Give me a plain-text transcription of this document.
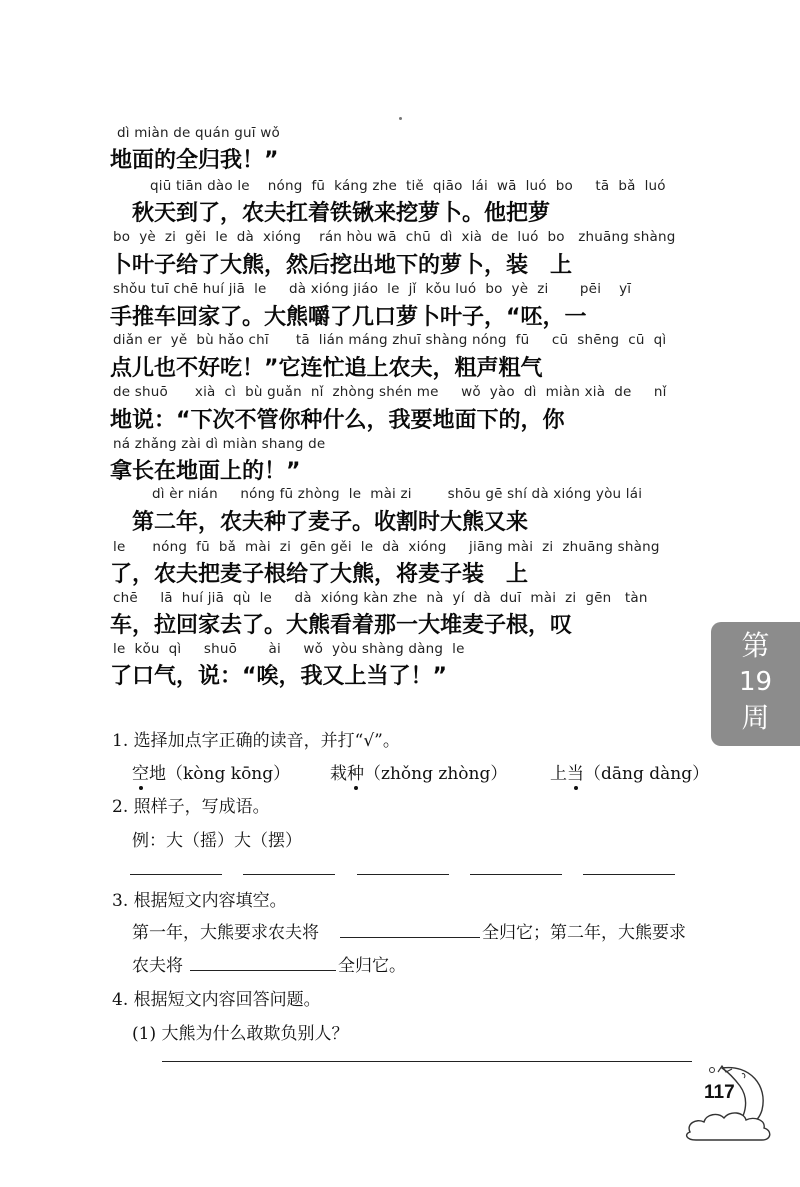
dì miàn de quán guī wǒ
地面的全归我！”
qiū tiān dào le    nóng  fū  káng zhe  tiě  qiāo  lái  wā  luó  bo     tā  bǎ  luó
　秋天到了，农夫扛着铁锹来挖萝卜。他把萝
bo  yè  zi  gěi  le  dà  xióng    rán hòu wā  chū  dì  xià  de  luó  bo   zhuāng shàng
卜叶子给了大熊，然后挖出地下的萝卜，装　上
shǒu tuī chē huí jiā  le     dà xióng jiáo  le  jǐ  kǒu luó  bo  yè  zi       pēi    yī
手推车回家了。大熊嚼了几口萝卜叶子，“呸，一
diǎn er  yě  bù hǎo chī      tā  lián máng zhuī shàng nóng  fū     cū  shēng  cū  qì
点儿也不好吃！”它连忙追上农夫，粗声粗气
de shuō      xià  cì  bù guǎn  nǐ  zhòng shén me     wǒ  yào  dì  miàn xià  de     nǐ
地说：“下次不管你种什么，我要地面下的，你
ná zhǎng zài dì miàn shang de
拿长在地面上的！”
dì èr nián     nóng fū zhòng  le  mài zi        shōu gē shí dà xióng yòu lái
　第二年，农夫种了麦子。收割时大熊又来
le      nóng  fū  bǎ  mài  zi  gēn gěi  le  dà  xióng     jiāng mài  zi  zhuāng shàng
了，农夫把麦子根给了大熊，将麦子装　上
chē     lā  huí jiā  qù  le     dà  xióng kàn zhe  nà  yí  dà  duī  mài  zi  gēn   tàn
车，拉回家去了。大熊看着那一大堆麦子根，叹
le  kǒu  qì     shuō       ài     wǒ  yòu shàng dàng  le
了口气，说：“唉，我又上当了！”
1. 选择加点字正确的读音，并打“√”。
空地（kòng kōng） 栽种（zhǒng zhòng）	上当（dāng dàng）
2. 照样子，写成语。
例：大（摇）大（摆）
3. 根据短文内容填空。
第一年，大熊要求农夫将	全归它；第二年，大熊要求
农夫将	全归它。
4. 根据短文内容回答问题。
(1) 大熊为什么敢欺负别人？
第
19
周
117
